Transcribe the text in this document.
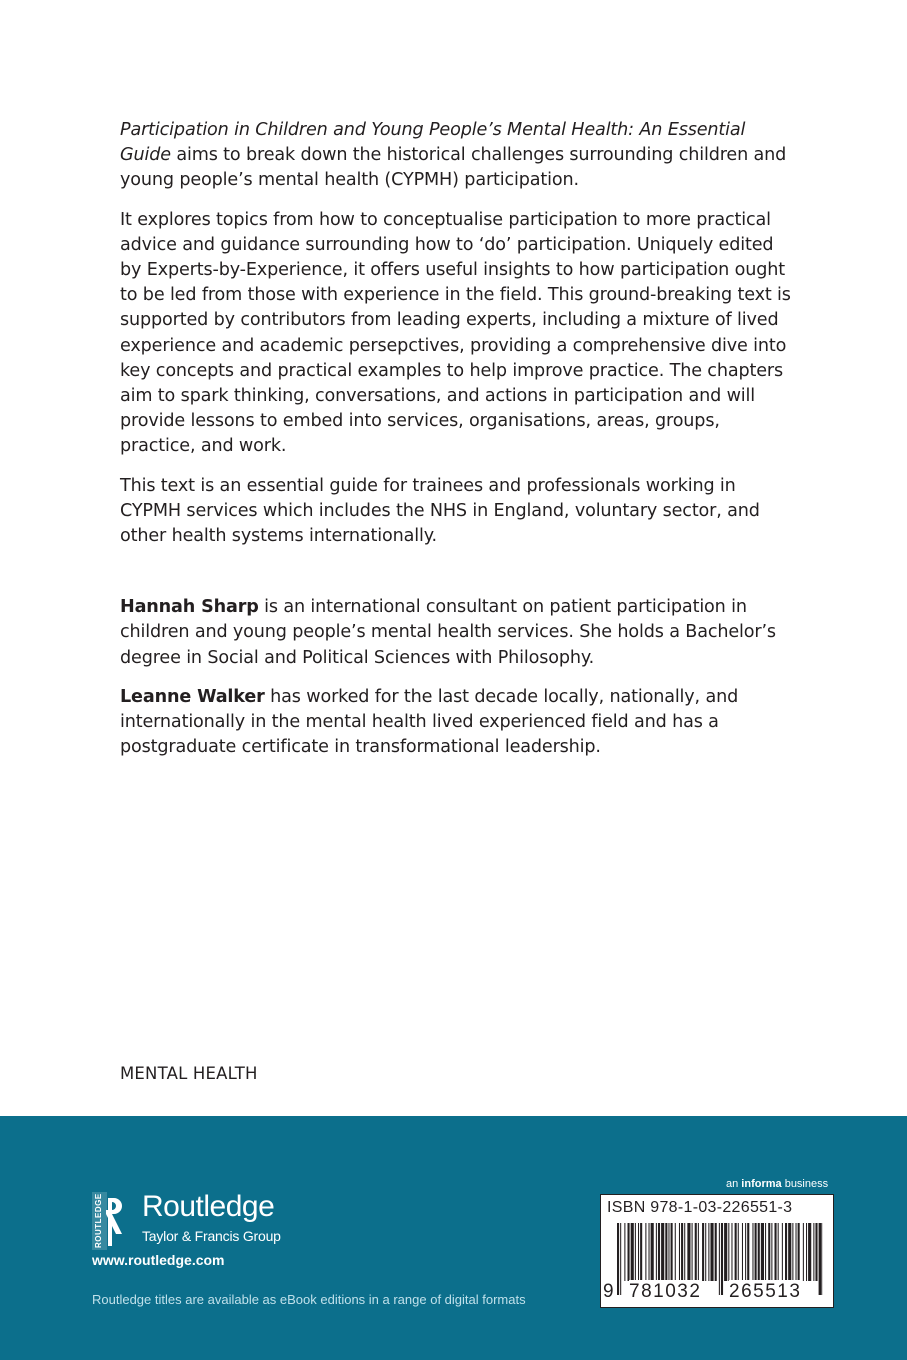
Participation in Children and Young People’s Mental Health: An Essential Guide aims to break down the historical challenges surrounding children and young people’s mental health (CYPMH) participation.

It explores topics from how to conceptualise participation to more practical advice and guidance surrounding how to ‘do’ participation. Uniquely edited by Experts-by-Experience, it offers useful insights to how participation ought to be led from those with experience in the field. This ground-breaking text is supported by contributors from leading experts, including a mixture of lived experience and academic persepctives, providing a comprehensive dive into key concepts and practical examples to help improve practice. The chapters aim to spark thinking, conversations, and actions in participation and will provide lessons to embed into services, organisations, areas, groups, practice, and work.

This text is an essential guide for trainees and professionals working in CYPMH services which includes the NHS in England, voluntary sector, and other health systems internationally.

Hannah Sharp is an international consultant on patient participation in children and young people’s mental health services. She holds a Bachelor’s degree in Social and Political Sciences with Philosophy.

Leanne Walker has worked for the last decade locally, nationally, and internationally in the mental health lived experienced field and has a postgraduate certificate in transformational leadership.

MENTAL HEALTH
ROUTLEDGE Routledge
Taylor & Francis Group
www.routledge.com
Routledge titles are available as eBook editions in a range of digital formats
an informa business
ISBN 978-1-03-226551-3
9 781032 265513
